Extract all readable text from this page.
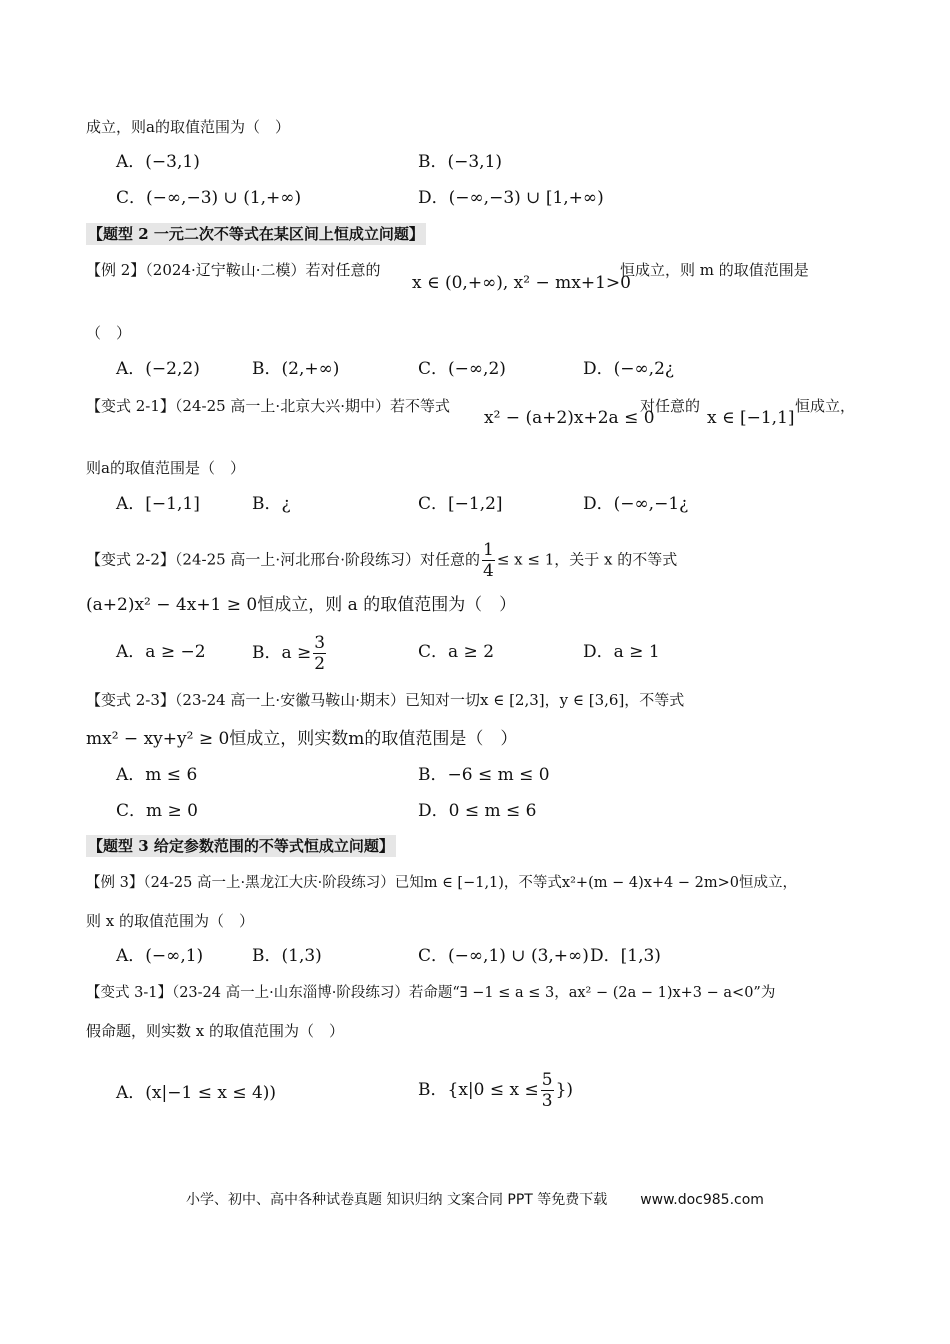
成立，则a的取值范围为（　）
A．(−3,1)	B．(−3,1)
C．(−∞,−3) ∪ (1,+∞)	D．(−∞,−3) ∪ [1,+∞)
【题型 2 一元二次不等式在某区间上恒成立问题】
【例 2】（2024·辽宁鞍山·二模）若对任意的
x ∈ (0,+∞), x² − mx+1>0
恒成立，则 m 的取值范围是
（　）
A．(−2,2)	B．(2,+∞)	C．(−∞,2)	D．(−∞,2¿
【变式 2-1】（24-25 高一上·北京大兴·期中）若不等式
x² − (a+2)x+2a ≤ 0
对任意的
x ∈ [−1,1]
恒成立，
则a的取值范围是（　）
A．[−1,1]	B．¿	C．[−1,2]	D．(−∞,−1¿
【变式 2-2】（24-25 高一上·河北邢台·阶段练习）对任意的 $\frac{1}{4} \le x \le 1$，关于 x 的不等式
(a+2)x² − 4x+1 ≥ 0恒成立，则 a 的取值范围为（　）
A．a ≥ −2	B．$a \ge \frac{3}{2}$	C．a ≥ 2	D．a ≥ 1
【变式 2-3】（23-24 高一上·安徽马鞍山·期末）已知对一切x ∈ [2,3]，y ∈ [3,6]，不等式
mx² − xy+y² ≥ 0恒成立，则实数m的取值范围是（　）
A．m ≤ 6	B．−6 ≤ m ≤ 0
C．m ≥ 0	D．0 ≤ m ≤ 6
【题型 3 给定参数范围的不等式恒成立问题】
【例 3】（24-25 高一上·黑龙江大庆·阶段练习）已知m ∈ [−1,1)，不等式x²+(m − 4)x+4 − 2m>0恒成立，
则 x 的取值范围为（　）
A．(−∞,1)	B．(1,3)	C．(−∞,1) ∪ (3,+∞) D．[1,3)
【变式 3-1】（23-24 高一上·山东淄博·阶段练习）若命题“∃ −1 ≤ a ≤ 3，ax² − (2a − 1)x+3 − a<0”为
假命题，则实数 x 的取值范围为（　）
A．(x|−1 ≤ x ≤ 4))	B．{$x|0 \le x \le \frac{5}{3}$ })
小学、初中、高中各种试卷真题 知识归纳 文案合同 PPT 等免费下载 www.doc985.com
